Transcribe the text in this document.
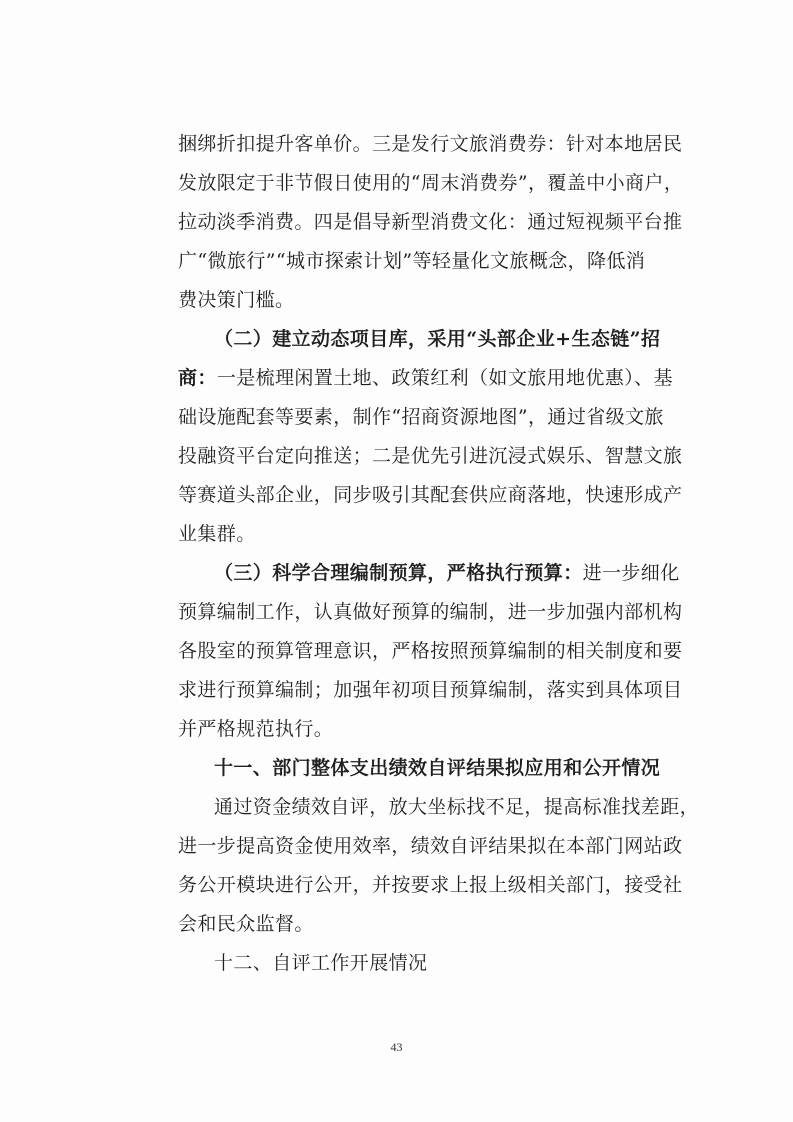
捆绑折扣提升客单价。三是发行文旅消费券：针对本地居民
发放限定于非节假日使用的“周末消费券”，覆盖中小商户，
拉动淡季消费。四是倡导新型消费文化：通过短视频平台推
广“微旅行”“城市探索计划”等轻量化文旅概念，降低消
费决策门槛。
（二）建立动态项目库，采用“头部企业+生态链”招
商：一是梳理闲置土地、政策红利（如文旅用地优惠）、基
础设施配套等要素，制作“招商资源地图”，通过省级文旅
投融资平台定向推送；二是优先引进沉浸式娱乐、智慧文旅
等赛道头部企业，同步吸引其配套供应商落地，快速形成产
业集群。
（三）科学合理编制预算，严格执行预算：进一步细化
预算编制工作，认真做好预算的编制，进一步加强内部机构
各股室的预算管理意识，严格按照预算编制的相关制度和要
求进行预算编制；加强年初项目预算编制，落实到具体项目
并严格规范执行。
十一、部门整体支出绩效自评结果拟应用和公开情况
通过资金绩效自评，放大坐标找不足，提高标准找差距，
进一步提高资金使用效率，绩效自评结果拟在本部门网站政
务公开模块进行公开，并按要求上报上级相关部门，接受社
会和民众监督。
十二、自评工作开展情况
43
